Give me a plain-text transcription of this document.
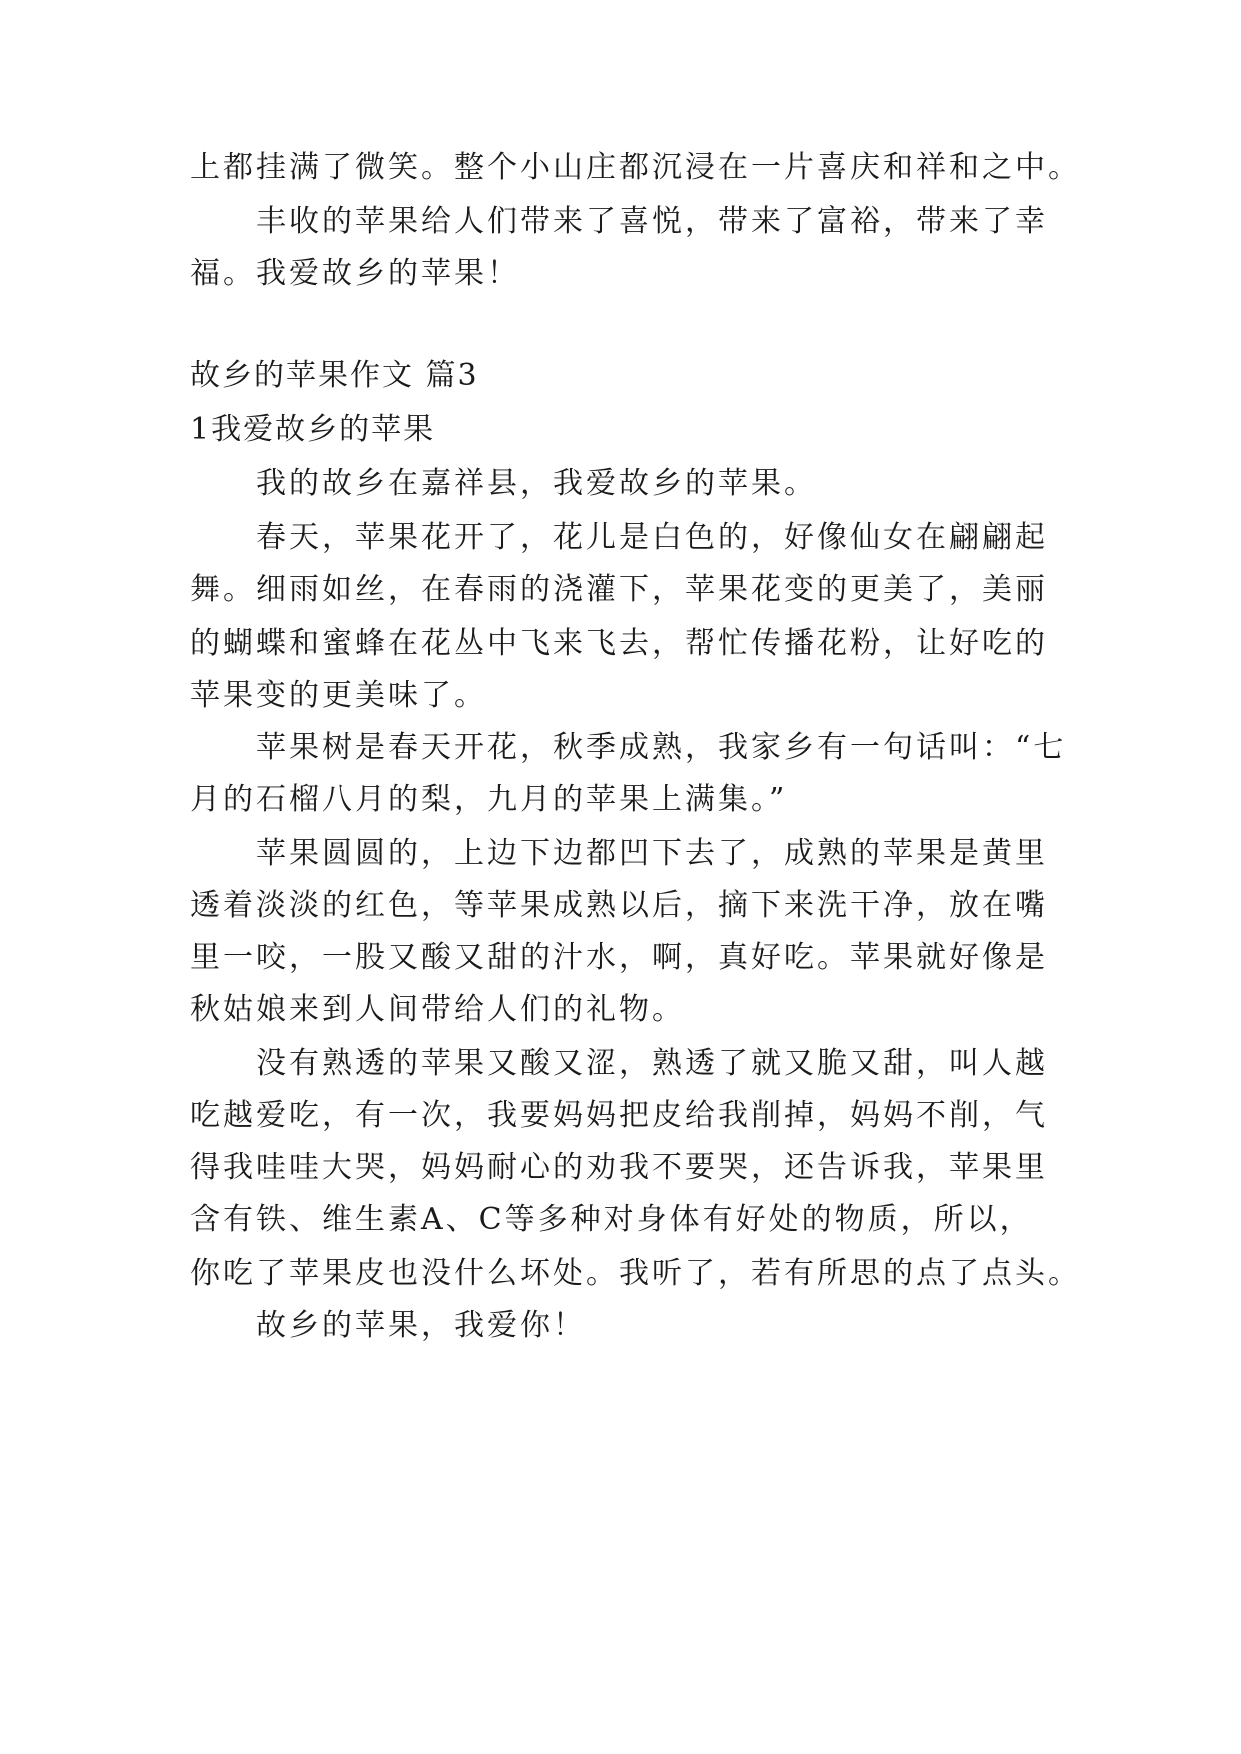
上都挂满了微笑。整个小山庄都沉浸在一片喜庆和祥和之中。
丰收的苹果给人们带来了喜悦，带来了富裕，带来了幸
福。我爱故乡的苹果！
故乡的苹果作文 篇3
1我爱故乡的苹果
我的故乡在嘉祥县，我爱故乡的苹果。
春天，苹果花开了，花儿是白色的，好像仙女在翩翩起
舞。细雨如丝，在春雨的浇灌下，苹果花变的更美了，美丽
的蝴蝶和蜜蜂在花丛中飞来飞去，帮忙传播花粉，让好吃的
苹果变的更美味了。
苹果树是春天开花，秋季成熟，我家乡有一句话叫：“七
月的石榴八月的梨，九月的苹果上满集。”
苹果圆圆的，上边下边都凹下去了，成熟的苹果是黄里
透着淡淡的红色，等苹果成熟以后，摘下来洗干净，放在嘴
里一咬，一股又酸又甜的汁水，啊，真好吃。苹果就好像是
秋姑娘来到人间带给人们的礼物。
没有熟透的苹果又酸又涩，熟透了就又脆又甜，叫人越
吃越爱吃，有一次，我要妈妈把皮给我削掉，妈妈不削，气
得我哇哇大哭，妈妈耐心的劝我不要哭，还告诉我，苹果里
含有铁、维生素A、C等多种对身体有好处的物质，所以，
你吃了苹果皮也没什么坏处。我听了，若有所思的点了点头。
故乡的苹果，我爱你！
